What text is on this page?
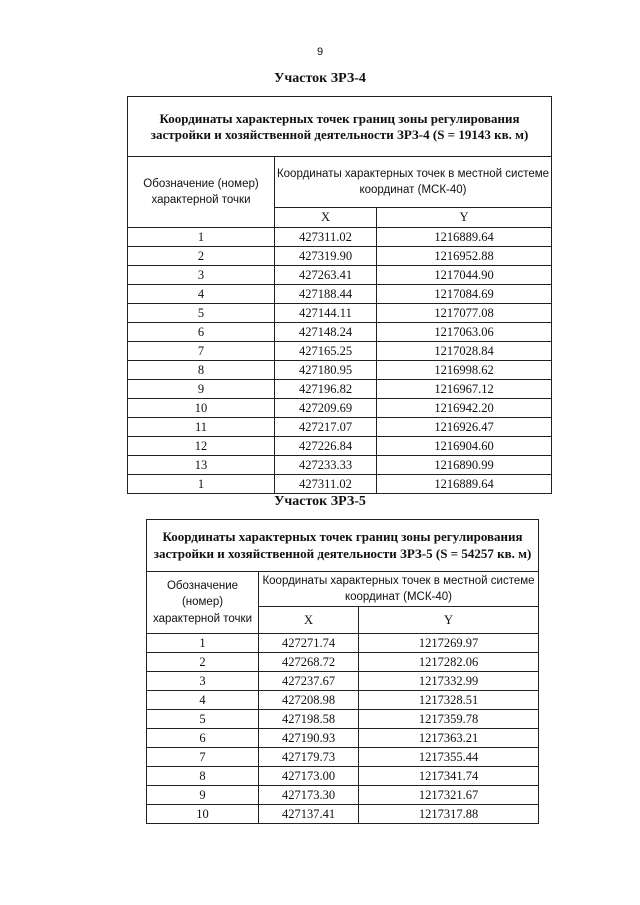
9
Участок ЗРЗ-4
Координаты характерных точек границ зоны регулирования застройки и хозяйственной деятельности ЗРЗ-4 (S = 19143 кв. м)		
Обозначение (номер) характерной точки	Координаты характерных точек в местной системе координат (МСК-40)	
	X	Y
1	427311.02	1216889.64
2	427319.90	1216952.88
3	427263.41	1217044.90
4	427188.44	1217084.69
5	427144.11	1217077.08
6	427148.24	1217063.06
7	427165.25	1217028.84
8	427180.95	1216998.62
9	427196.82	1216967.12
10	427209.69	1216942.20
11	427217.07	1216926.47
12	427226.84	1216904.60
13	427233.33	1216890.99
1	427311.02	1216889.64
Участок ЗРЗ-5
Координаты характерных точек границ зоны регулирования застройки и хозяйственной деятельности ЗРЗ-5 (S = 54257 кв. м)		
Обозначение (номер) характерной точки	Координаты характерных точек в местной системе координат (МСК-40)	
	X	Y
1	427271.74	1217269.97
2	427268.72	1217282.06
3	427237.67	1217332.99
4	427208.98	1217328.51
5	427198.58	1217359.78
6	427190.93	1217363.21
7	427179.73	1217355.44
8	427173.00	1217341.74
9	427173.30	1217321.67
10	427137.41	1217317.88
